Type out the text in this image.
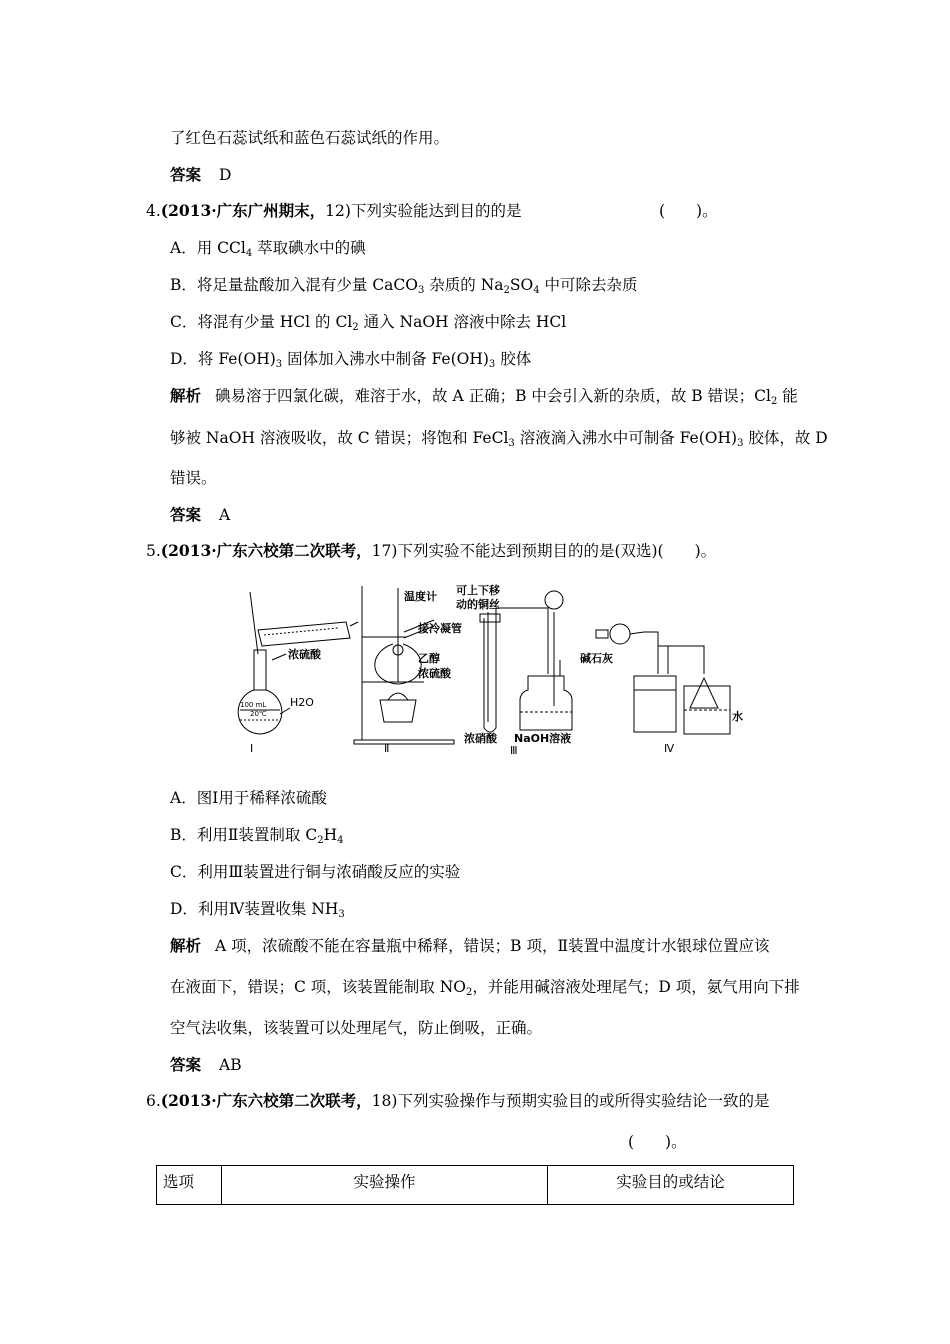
了红色石蕊试纸和蓝色石蕊试纸的作用。
答案 D
4.(2013·广东广州期末，12)下列实验能达到目的的是	(　　)。
A．用 CCl$_4$ 萃取碘水中的碘
B．将足量盐酸加入混有少量 CaCO$_3$ 杂质的 $Na_2SO_4$ 中可除去杂质
C．将混有少量 HCl 的 $Cl_2$ 通入 NaOH 溶液中除去 HCl
D．将 $Fe(OH)_3$ 固体加入沸水中制备 $Fe(OH)_3$ 胶体
解析 碘易溶于四氯化碳，难溶于水，故 A 正确；B 中会引入新的杂质，故 B 错误；$Cl_2$ 能
够被 NaOH 溶液吸收，故 C 错误；将饱和 FeCl$_3$ 溶液滴入沸水中可制备 $Fe(OH)_3$ 胶体，故 D
错误。
答案 A
5.(2013·广东六校第二次联考，17)下列实验不能达到预期目的的是(双选)(　　)。
浓硫酸
100 mL
20℃
H2O
Ⅰ
温度计
接冷凝管
乙醇
浓硫酸
Ⅱ
可上下移
动的铜丝
浓硝酸 NaOH溶液
Ⅲ
碱石灰
水
Ⅳ
A．图Ⅰ用于稀释浓硫酸
B．利用Ⅱ装置制取 $C_2H_4$
C．利用Ⅲ装置进行铜与浓硝酸反应的实验
D．利用Ⅳ装置收集 $NH_3$
解析 A 项，浓硫酸不能在容量瓶中稀释，错误；B 项，Ⅱ装置中温度计水银球位置应该
在液面下，错误；C 项，该装置能制取 $NO_2$，并能用碱溶液处理尾气；D 项，氨气用向下排
空气法收集，该装置可以处理尾气，防止倒吸，正确。
答案 AB
6.(2013·广东六校第二次联考，18)下列实验操作与预期实验目的或所得实验结论一致的是
(　　)。
选项	实验操作	实验目的或结论
